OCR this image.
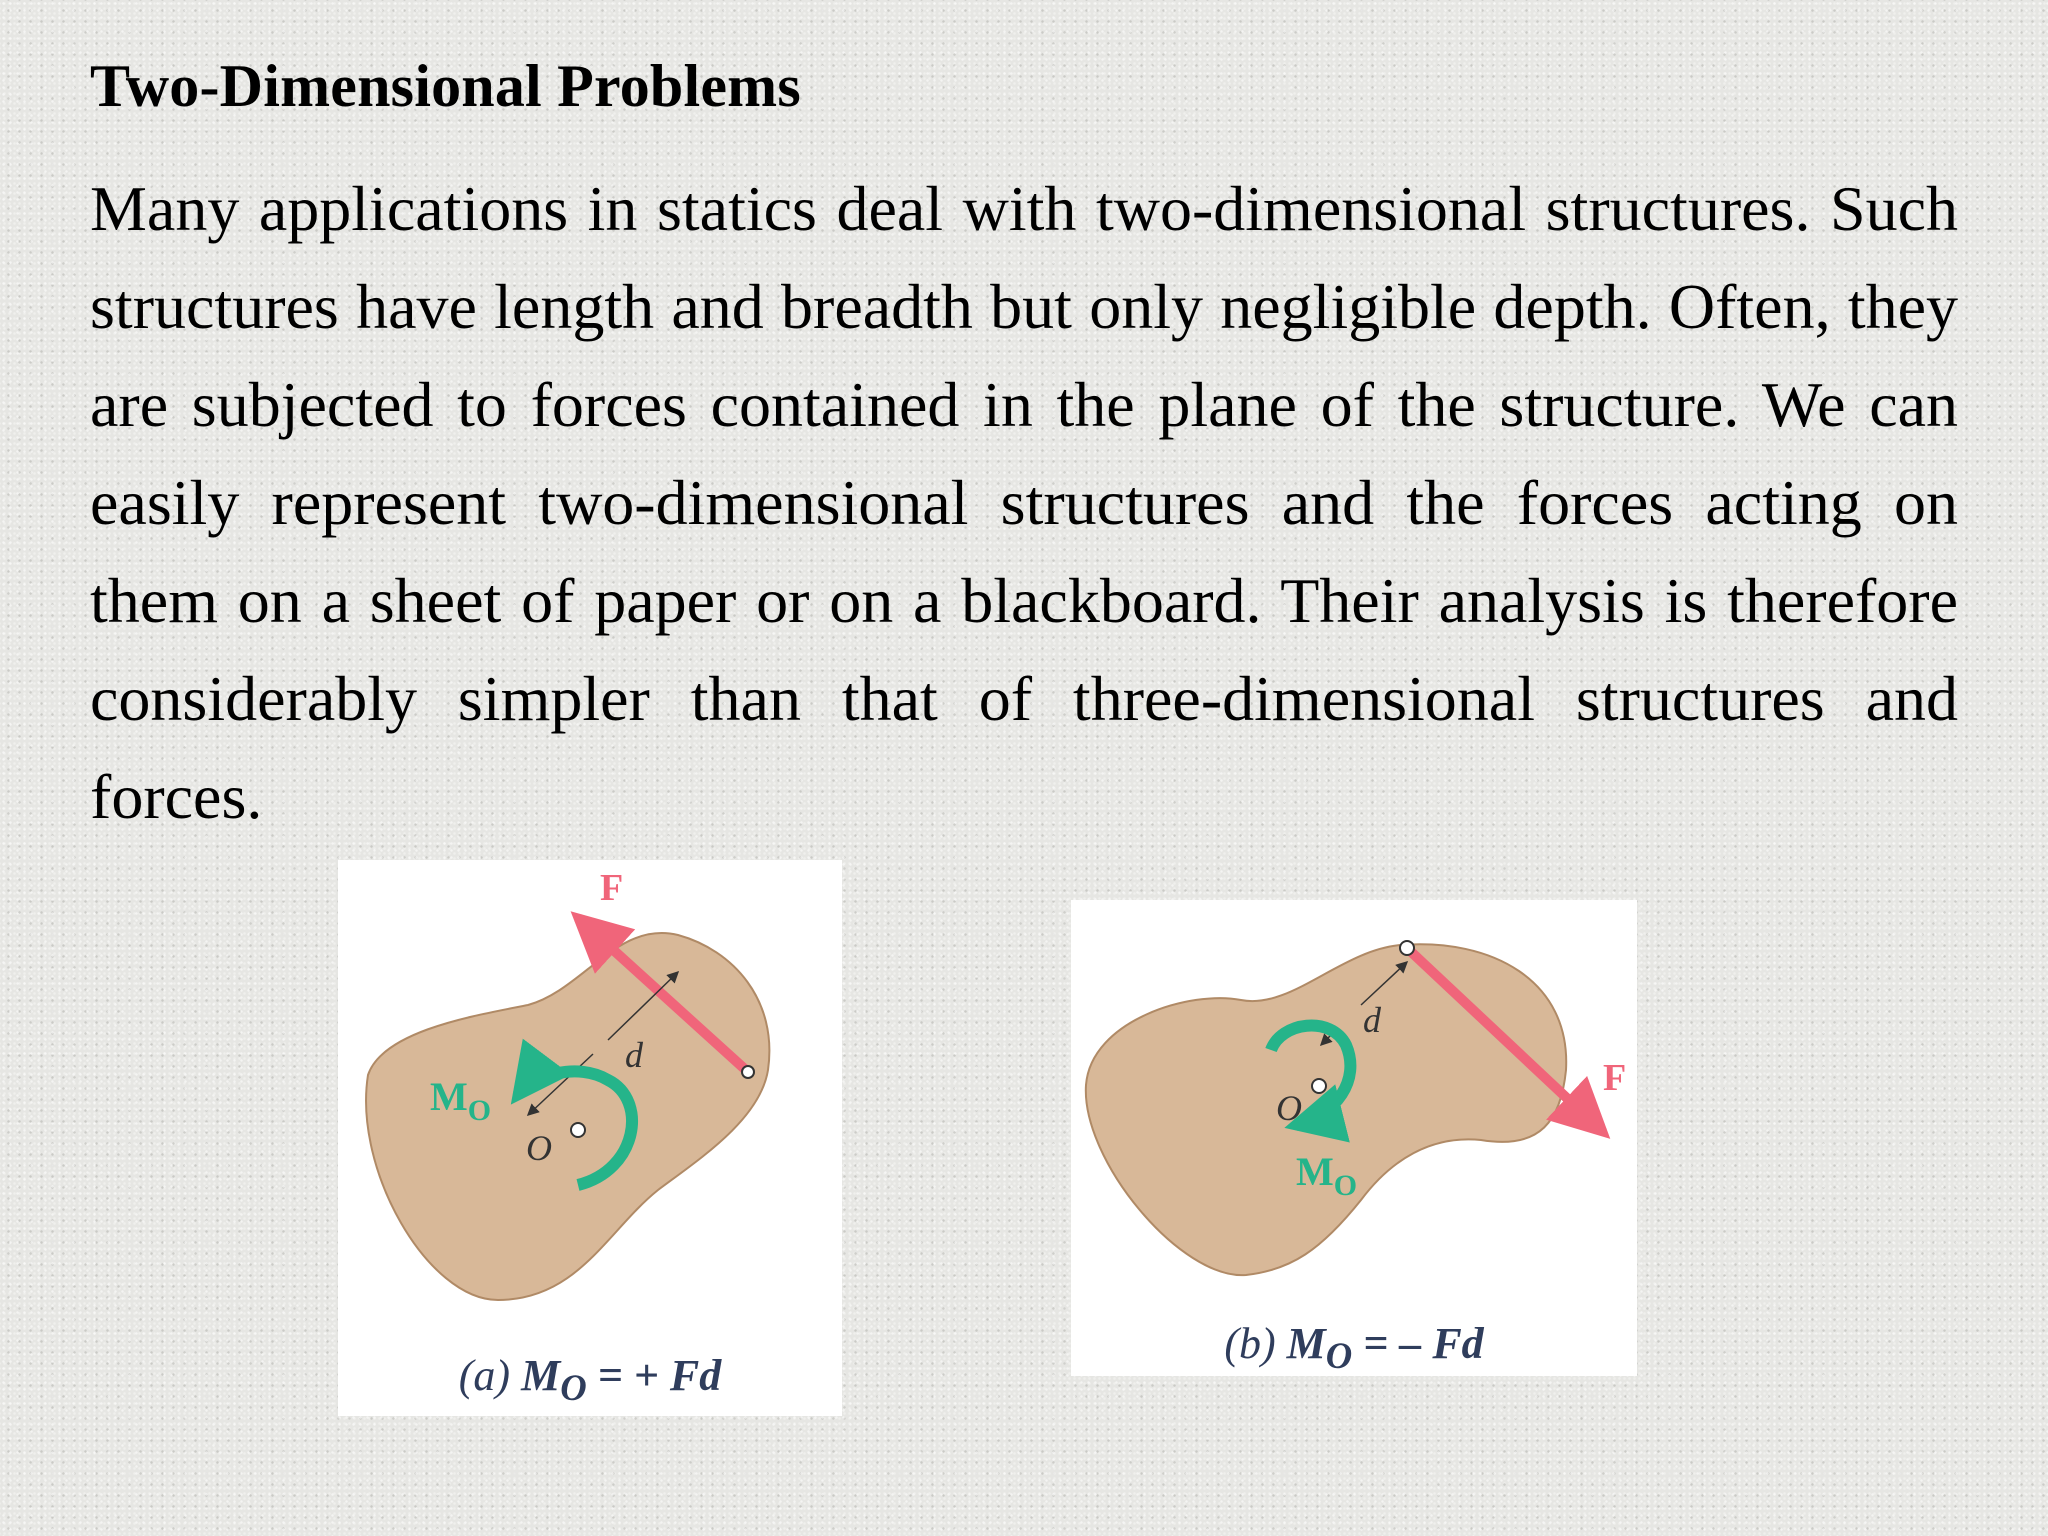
Two-Dimensional Problems

Many applications in statics deal with two-dimensional structures. Such structures have length and breadth but only negligible depth. Often, they are subjected to forces contained in the plane of the structure. We can easily represent two-dimensional structures and the forces acting on them on a sheet of paper or on a blackboard. Their analysis is therefore considerably simpler than that of three-dimensional structures and forces.

F
d
$M_O$
O
(a) $M_O$ = + Fd
F
d
$M_O$
O
(b) $M_O$ = – Fd
